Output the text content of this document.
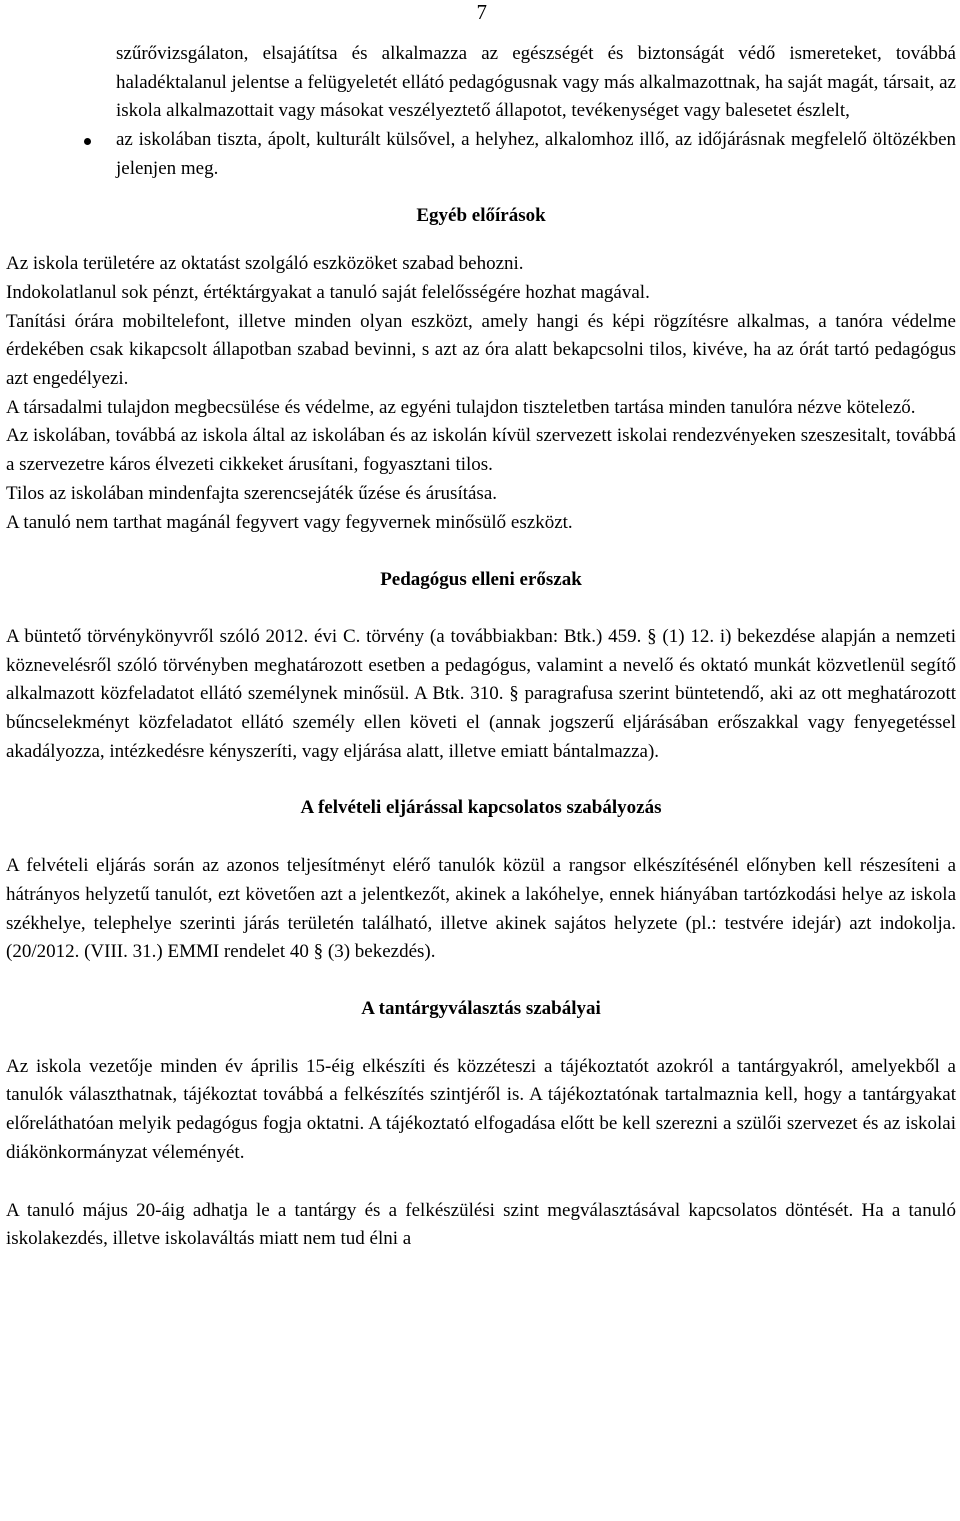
7
szűrővizsgálaton, elsajátítsa és alkalmazza az egészségét és biztonságát védő ismereteket, továbbá haladéktalanul jelentse a felügyeletét ellátó pedagógusnak vagy más alkalmazottnak, ha saját magát, társait, az iskola alkalmazottait vagy másokat veszélyeztető állapotot, tevékenységet vagy balesetet észlelt,
az iskolában tiszta, ápolt, kulturált külsővel, a helyhez, alkalomhoz illő, az időjárásnak megfelelő öltözékben jelenjen meg.
Egyéb előírások

Az iskola területére az oktatást szolgáló eszközöket szabad behozni.

Indokolatlanul sok pénzt, értéktárgyakat a tanuló saját felelősségére hozhat magával.

Tanítási órára mobiltelefont, illetve minden olyan eszközt, amely hangi és képi rögzítésre alkalmas, a tanóra védelme érdekében csak kikapcsolt állapotban szabad bevinni, s azt az óra alatt bekapcsolni tilos, kivéve, ha az órát tartó pedagógus azt engedélyezi.

A társadalmi tulajdon megbecsülése és védelme, az egyéni tulajdon tiszteletben tartása minden tanulóra nézve kötelező.

Az iskolában, továbbá az iskola által az iskolában és az iskolán kívül szervezett iskolai rendezvényeken szeszesitalt, továbbá a szervezetre káros élvezeti cikkeket árusítani, fogyasztani tilos.

Tilos az iskolában mindenfajta szerencsejáték űzése és árusítása.

A tanuló nem tarthat magánál fegyvert vagy fegyvernek minősülő eszközt.

Pedagógus elleni erőszak

A büntető törvénykönyvről szóló 2012. évi C. törvény (a továbbiakban: Btk.) 459. § (1) 12. i) bekezdése alapján a nemzeti köznevelésről szóló törvényben meghatározott esetben a pedagógus, valamint a nevelő és oktató munkát közvetlenül segítő alkalmazott közfeladatot ellátó személynek minősül. A Btk. 310. § paragrafusa szerint büntetendő, aki az ott meghatározott bűncselekményt közfeladatot ellátó személy ellen követi el (annak jogszerű eljárásában erőszakkal vagy fenyegetéssel akadályozza, intézkedésre kényszeríti, vagy eljárása alatt, illetve emiatt bántalmazza).

A felvételi eljárással kapcsolatos szabályozás

A felvételi eljárás során az azonos teljesítményt elérő tanulók közül a rangsor elkészítésénél előnyben kell részesíteni a hátrányos helyzetű tanulót, ezt követően azt a jelentkezőt, akinek a lakóhelye, ennek hiányában tartózkodási helye az iskola székhelye, telephelye szerinti járás területén található, illetve akinek sajátos helyzete (pl.: testvére idejár) azt indokolja. (20/2012. (VIII. 31.) EMMI rendelet 40 § (3) bekezdés).

A tantárgyválasztás szabályai

Az iskola vezetője minden év április 15-éig elkészíti és közzéteszi a tájékoztatót azokról a tantárgyakról, amelyekből a tanulók választhatnak, tájékoztat továbbá a felkészítés szintjéről is. A tájékoztatónak tartalmaznia kell, hogy a tantárgyakat előreláthatóan melyik pedagógus fogja oktatni. A tájékoztató elfogadása előtt be kell szerezni a szülői szervezet és az iskolai diákönkormányzat véleményét.

A tanuló május 20-áig adhatja le a tantárgy és a felkészülési szint megválasztásával kapcsolatos döntését. Ha a tanuló iskolakezdés, illetve iskolaváltás miatt nem tud élni a
